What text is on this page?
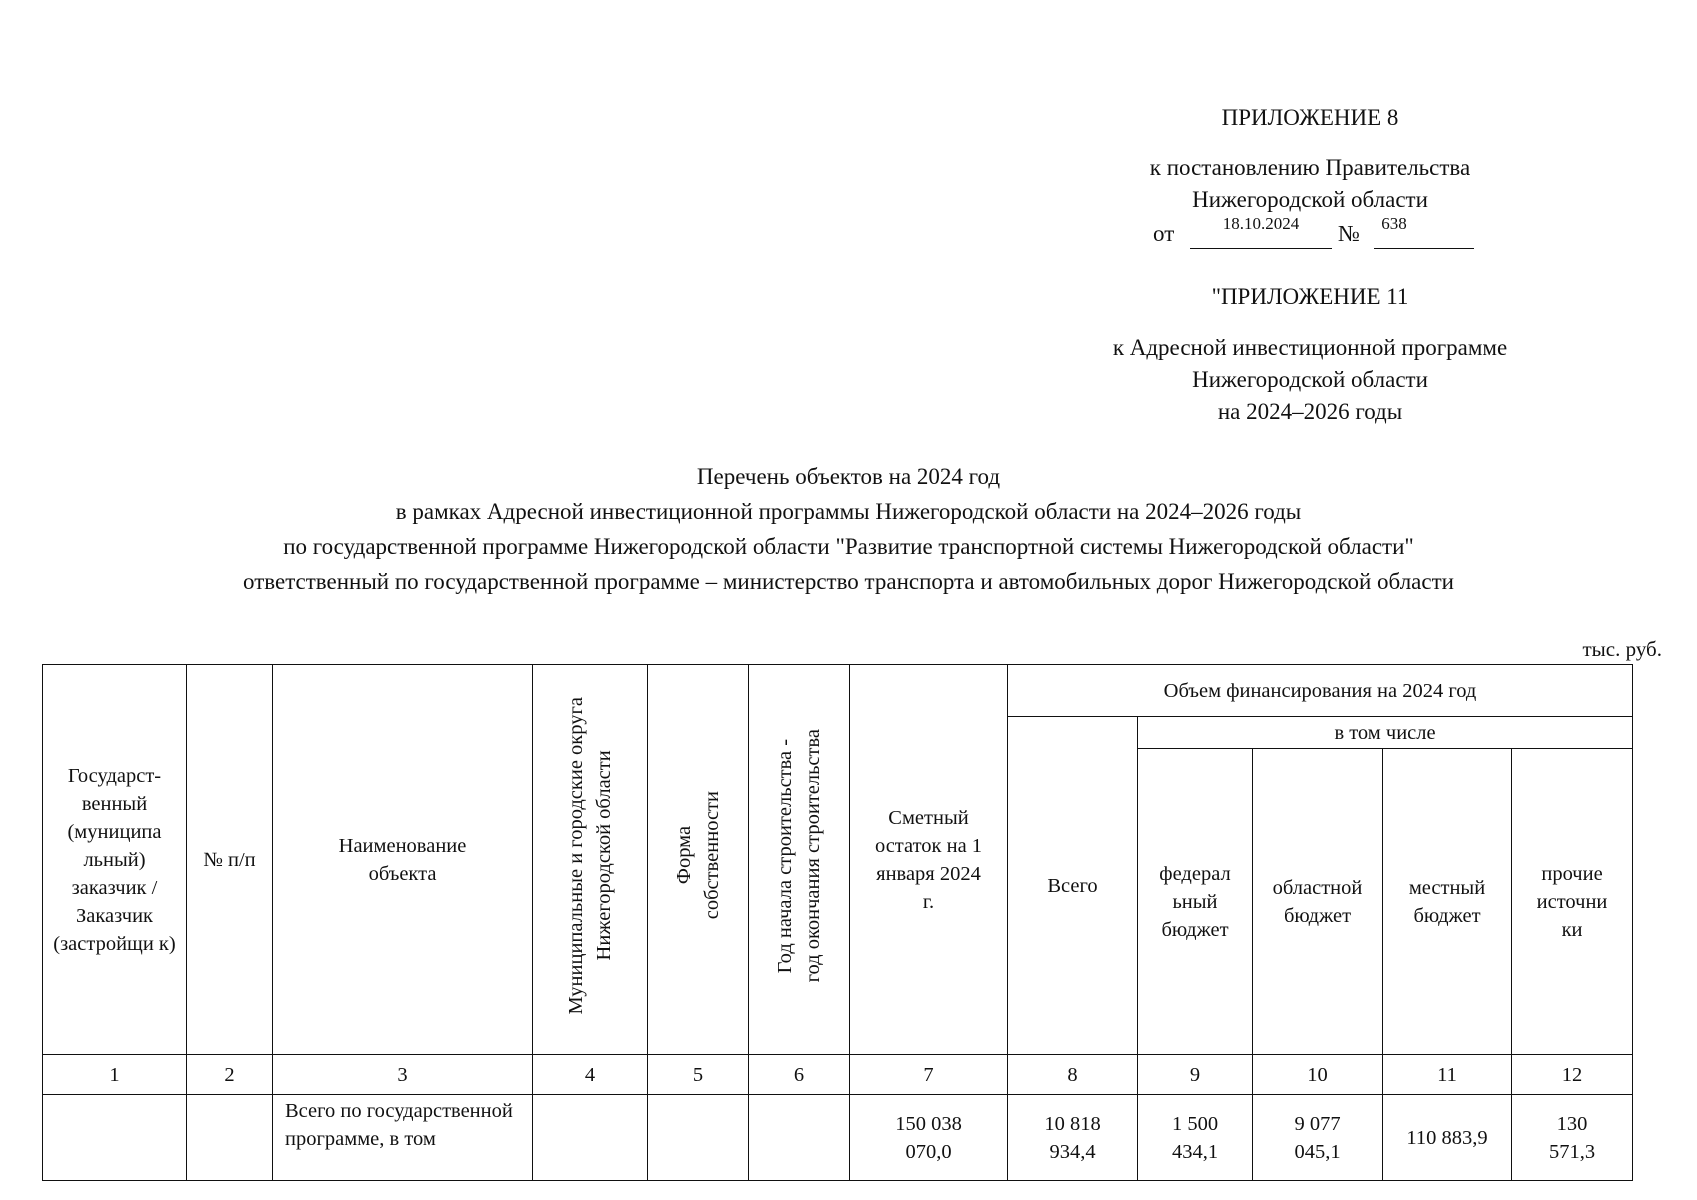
ПРИЛОЖЕНИЕ 8
к постановлению Правительства
Нижегородской области
от	18.10.2024	№	638
"ПРИЛОЖЕНИЕ 11
к Адресной инвестиционной программе
Нижегородской области
на 2024–2026 годы
Перечень объектов на 2024 год
в рамках Адресной инвестиционной программы Нижегородской области на 2024–2026 годы
по государственной программе Нижегородской области "Развитие транспортной системы Нижегородской области"
ответственный по государственной программе – министерство транспорта и автомобильных дорог Нижегородской области
тыс. руб.
Государст-венный (муниципа льный) заказчик / Заказчик (застройщи к)	№ п/п	Наименование объекта	Муниципальные и городские округа Нижегородской области	Форма собственности	Год начала строительства - год окончания строительства	Сметный остаток на 1 января 2024 г.	Объем финансирования на 2024 год				
							Всего	в том числе			
								федерал ьный бюджет	областной бюджет	местный бюджет	прочие источни ки
1	2	3	4	5	6	7	8	9	10	11	12
		Всего по государственной программе, в том				150 038 070,0	10 818 934,4	1 500 434,1	9 077 045,1	110 883,9	130 571,3
